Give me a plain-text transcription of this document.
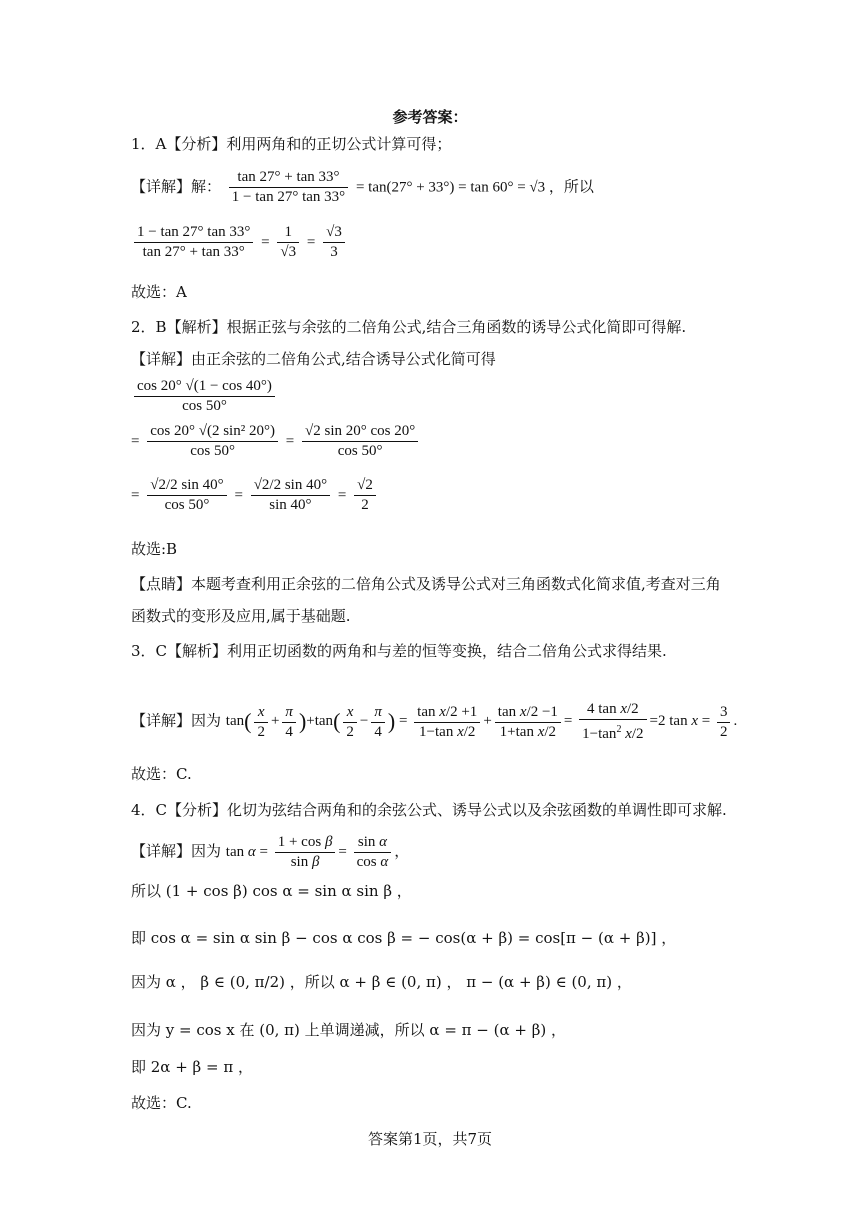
参考答案：
1．A【分析】利用两角和的正切公式计算可得；
【详解】解： $\frac{\tan 27^\circ + \tan 33^\circ}{1 - \tan 27^\circ \tan 33^\circ} = \tan(27^\circ + 33^\circ) = \tan 60^\circ = √3$ ，所以
$\frac{1 - \tan 27^\circ \tan 33^\circ}{\tan 27^\circ + \tan 33^\circ} = \frac{1}{√3} = \frac{√3}{3}$
故选：A
2．B【解析】根据正弦与余弦的二倍角公式,结合三角函数的诱导公式化简即可得解.
【详解】由正余弦的二倍角公式,结合诱导公式化简可得
$\frac{\cos 20^\circ √(1 - \cos 40^\circ)}{\cos 50^\circ}$
= $\frac{\text{cos 20° √(2 sin² 20°)}}{\cos 50^\circ} = \frac{√2 \sin 20^\circ \cos 20^\circ}{\cos 50^\circ}$
= $\frac{√2/2 \sin 40^\circ}{\cos 50^\circ} = \frac{√2/2 \sin 40^\circ}{\sin 40^\circ} = \frac{√2}{2}$
故选:B
【点睛】本题考查利用正余弦的二倍角公式及诱导公式对三角函数式化简求值,考查对三角
函数式的变形及应用,属于基础题.
3．C【解析】利用正切函数的两角和与差的恒等变换，结合二倍角公式求得结果.
【详解】因为 $\tan( \frac{x}{2} + \frac{\pi}{4} )+\tan( \frac{x}{2} - \frac{\pi}{4}$ ) = $\frac{\text{tan x/2 +1}}{\text{1−tan x/2}} + \frac{\text{tan x/2 −1}}{\text{1+tan x/2}} = \frac{\text{4 tan x/2}}{1-\tan^2 x/2} =2$ $\tan x = \frac{3}{2}$ .
故选：C.
4．C【分析】化切为弦结合两角和的余弦公式、诱导公式以及余弦函数的单调性即可求解.
【详解】因为 $\tan \alpha = \frac{\text{1 + cos β}}{\text{sin β}} = \frac{\text{sin α}}{\text{cos α}}$ ，
所以 (1 + cos β) cos α = sin α sin β ，
即 cos α = sin α sin β − cos α cos β = − cos(α + β) = cos[π − (α + β)] ，
因为 α ， β ∈ (0, π/2) ，所以 α + β ∈ (0, π) ， π − (α + β) ∈ (0, π) ，
因为 y = cos x 在 (0, π) 上单调递减，所以 α = π − (α + β) ，
即 2α + β = π ，
故选：C.
答案第1页，共7页
